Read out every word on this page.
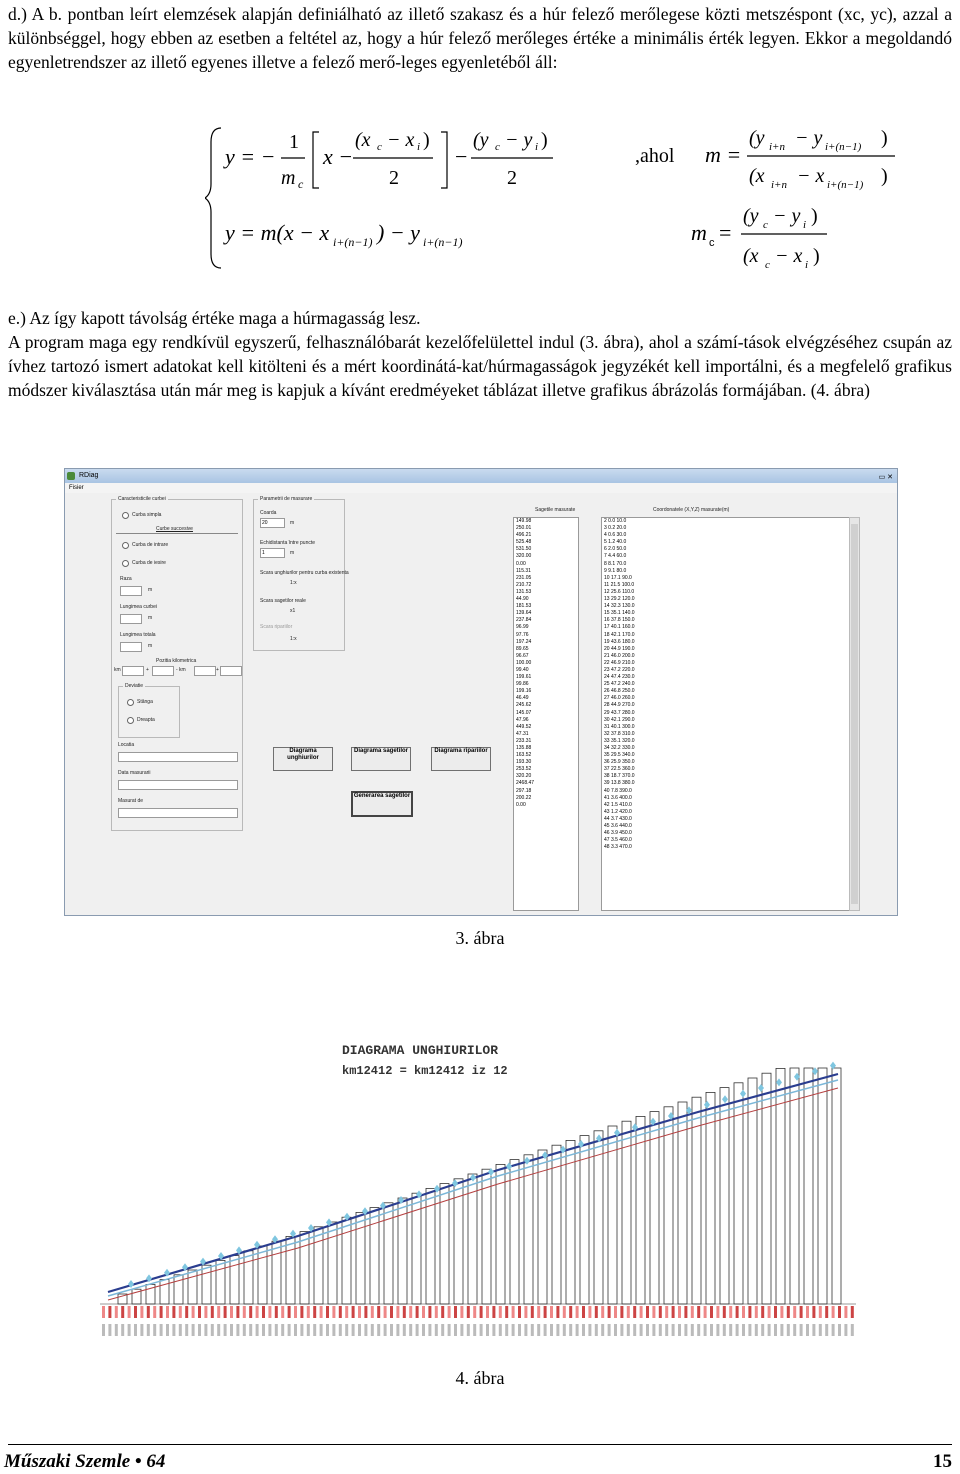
d.) A b. pontban leírt elemzések alapján definiálható az illető szakasz és a húr felező merőlegese közti metszéspont (xc, yc), azzal a különbséggel, hogy ebben az esetben a feltétel az, hogy a húr felező merőleges értéke a minimális érték legyen. Ekkor a megoldandó egyenletrendszer az illető egyenes illetve a felező merő-leges egyenletéből áll:
y = −
1
m c
x −
(x c − x i )
2
−
(y c − y i )
2
y = m(x − x i+(n−1) ) − y i+(n−1)
,ahol m =
(y i+n − y i+(n−1) )
(x i+n − x i+(n−1) )
m c =
(y c − y i )
(x c − x i )
e.) Az így kapott távolság értéke maga a húrmagasság lesz.
A program maga egy rendkívül egyszerű, felhasználóbarát kezelőfelülettel indul (3. ábra), ahol a számí-tások elvégzéséhez csupán az ívhez tartozó ismert adatokat kell kitölteni és a mért koordinátá-kat/húrmagasságok jegyzékét kell importálni, és a megfelelő grafikus módszer kiválasztása után már meg is kapjuk a kívánt eredméyeket táblázat illetve grafikus ábrázolás formájában. (4. ábra)
RDiag	▭ ✕
Fisier
Caracteristicile curbei
Curba simpla
Curbe succesive
Curba de intrare
Curba de iesire
Raza
m
Lungimea curbei
m
Lungimea totala
m
Pozitia kilometrica
km	+	- km	+
Deviatie
Stânga
Dreapta
Locatia
Data masurarii
Masurat de
Parametrii de masurare
Coarda
20	m
Echidistanta între puncte
1	m
Scara unghiurilor pentru curba existenta
1:x
Scara sagetilor reale
x1
Scara ripariilor
1:x
Diagrama unghiurilor
Diagrama sagetilor	Diagrama ripariilor
Generarea sagetilor
Sagetile masurate	Coordonatele (X,Y,Z) masurate(m)
149.98
250.01
496.21
525.48
531.50
320.00
0.00
115.31
231.05
210.72
131.53
44.90
181.53
139.64
237.84
96.99
97.76
197.24
89.65
96.67
100.00
99.40
199.61
99.86
199.16
46.49
245.62
145.07
47.96
449.52
47.31
233.31
135.88
163.52
193.30
253.52
320.20
2468.47
297.18
200.22
0.00
2 0.0 10.0
3 0.2 20.0
4 0.6 30.0
5 1.2 40.0
6 2.0 50.0
7 4.4 60.0
8 8.1 70.0
9 9.1 80.0
10 17.1 90.0
11 21.5 100.0
12 25.6 110.0
13 29.2 120.0
14 32.3 130.0
15 35.1 140.0
16 37.8 150.0
17 40.1 160.0
18 42.1 170.0
19 43.6 180.0
20 44.9 190.0
21 46.0 200.0
22 46.9 210.0
23 47.2 220.0
24 47.4 230.0
25 47.2 240.0
26 46.8 250.0
27 46.0 260.0
28 44.9 270.0
29 43.7 280.0
30 42.1 290.0
31 40.1 300.0
32 37.8 310.0
33 35.1 320.0
34 32.2 330.0
35 29.5 340.0
36 25.9 350.0
37 22.5 360.0
38 18.7 370.0
39 13.8 380.0
40 7.8 390.0
41 3.6 400.0
42 1.5 410.0
43 1.2 420.0
44 3.7 430.0
45 3.6 440.0
46 3.9 450.0
47 3.5 460.0
48 3.3 470.0
3. ábra
DIAGRAMA UNGHIURILOR
km12412 = km12412 iz 12
4. ábra
Műszaki Szemle • 64	15
